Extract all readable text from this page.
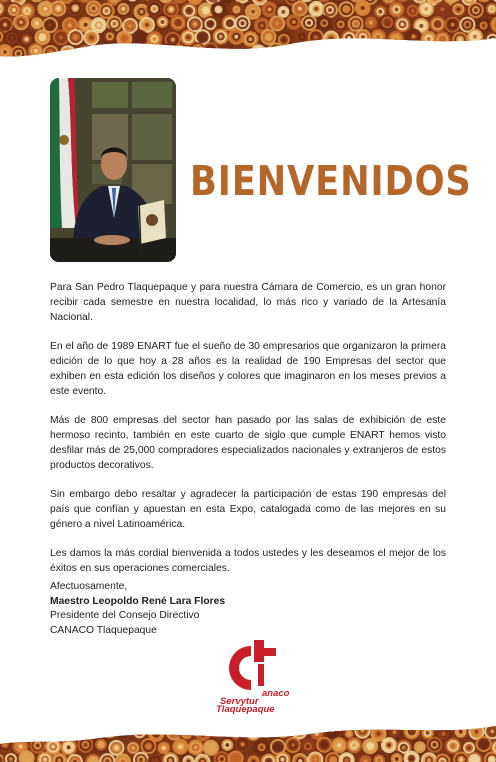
BIENVENIDOS

Para San Pedro Tlaquepaque y para nuestra Cámara de Comercio, es un gran honor recibir cada semestre en nuestra localidad, lo más rico y variado de la Artesanía Nacional.

En el año de 1989 ENART fue el sueño de 30 empresarios que organizaron la primera edición de lo que hoy a 28 años es la realidad de 190 Empresas del sector que exhiben en esta edición los diseños y colores que imaginaron en los meses previos a este evento.

Más de 800 empresas del sector han pasado por las salas de exhibición de este hermoso recinto, también en este cuarto de siglo que cumple ENART hemos visto desfilar más de 25,000 compradores especializados nacionales y extranjeros de estos productos decorativos.

Sin embargo debo resaltar y agradecer la participación de estas 190 empresas del país que confían y apuestan en esta Expo, catalogada como de las mejores en su género a nivel Latinoamérica.

Les damos la más cordial bienvenida a todos ustedes y les deseamos el mejor de los éxitos en sus operaciones comerciales.

Afectuosamente,
Maestro Leopoldo René Lara Flores
Presidente del Consejo Directivo
CANACO Tlaquepaque
anaco
Servytur
Tlaquepaque
